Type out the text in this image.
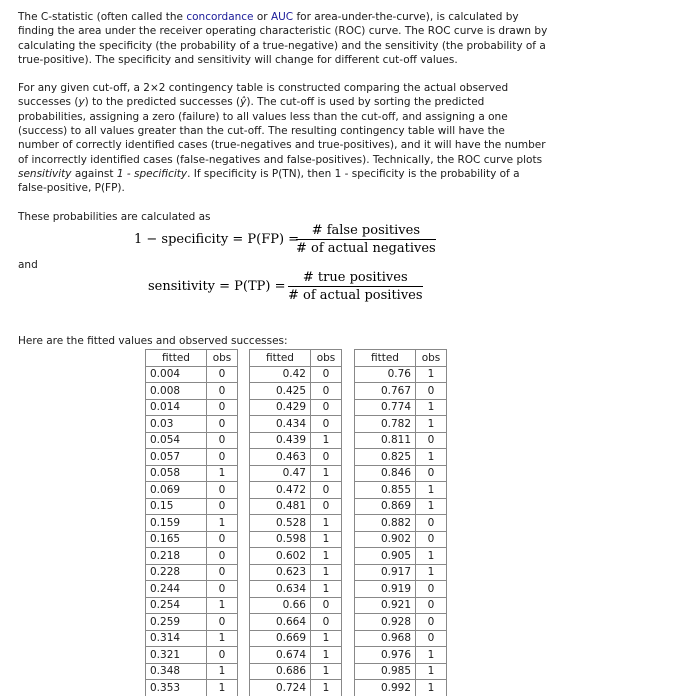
The C-statistic (often called the concordance or AUC for area-under-the-curve), is calculated by finding the area under the receiver operating characteristic (ROC) curve. The ROC curve is drawn by calculating the specificity (the probability of a true-negative) and the sensitivity (the probability of a true-positive). The specificity and sensitivity will change for different cut-off values.

For any given cut-off, a 2×2 contingency table is constructed comparing the actual observed successes (y) to the predicted successes (ŷ). The cut-off is used by sorting the predicted probabilities, assigning a zero (failure) to all values less than the cut-off, and assigning a one (success) to all values greater than the cut-off. The resulting contingency table will have the number of correctly identified cases (true-negatives and true-positives), and it will have the number of incorrectly identified cases (false-negatives and false-positives). Technically, the ROC curve plots sensitivity against 1 - specificity. If specificity is P(TN), then 1 - specificity is the probability of a false-positive, P(FP).

These probabilities are calculated as

1 − specificity = P(FP) =
# false positives
# of actual negatives
and
sensitivity = P(TP) =
# true positives
# of actual positives

Here are the fitted values and observed successes:

fitted	obs
0.004	0
0.008	0
0.014	0
0.03	0
0.054	0
0.057	0
0.058	1
0.069	0
0.15	0
0.159	1
0.165	0
0.218	0
0.228	0
0.244	0
0.254	1
0.259	0
0.314	1
0.321	0
0.348	1
0.353	1
fitted	obs
0.42	0
0.425	0
0.429	0
0.434	0
0.439	1
0.463	0
0.47	1
0.472	0
0.481	0
0.528	1
0.598	1
0.602	1
0.623	1
0.634	1
0.66	0
0.664	0
0.669	1
0.674	1
0.686	1
0.724	1
fitted	obs
0.76	1
0.767	0
0.774	1
0.782	1
0.811	0
0.825	1
0.846	0
0.855	1
0.869	1
0.882	0
0.902	0
0.905	1
0.917	1
0.919	0
0.921	0
0.928	0
0.968	0
0.976	1
0.985	1
0.992	1
